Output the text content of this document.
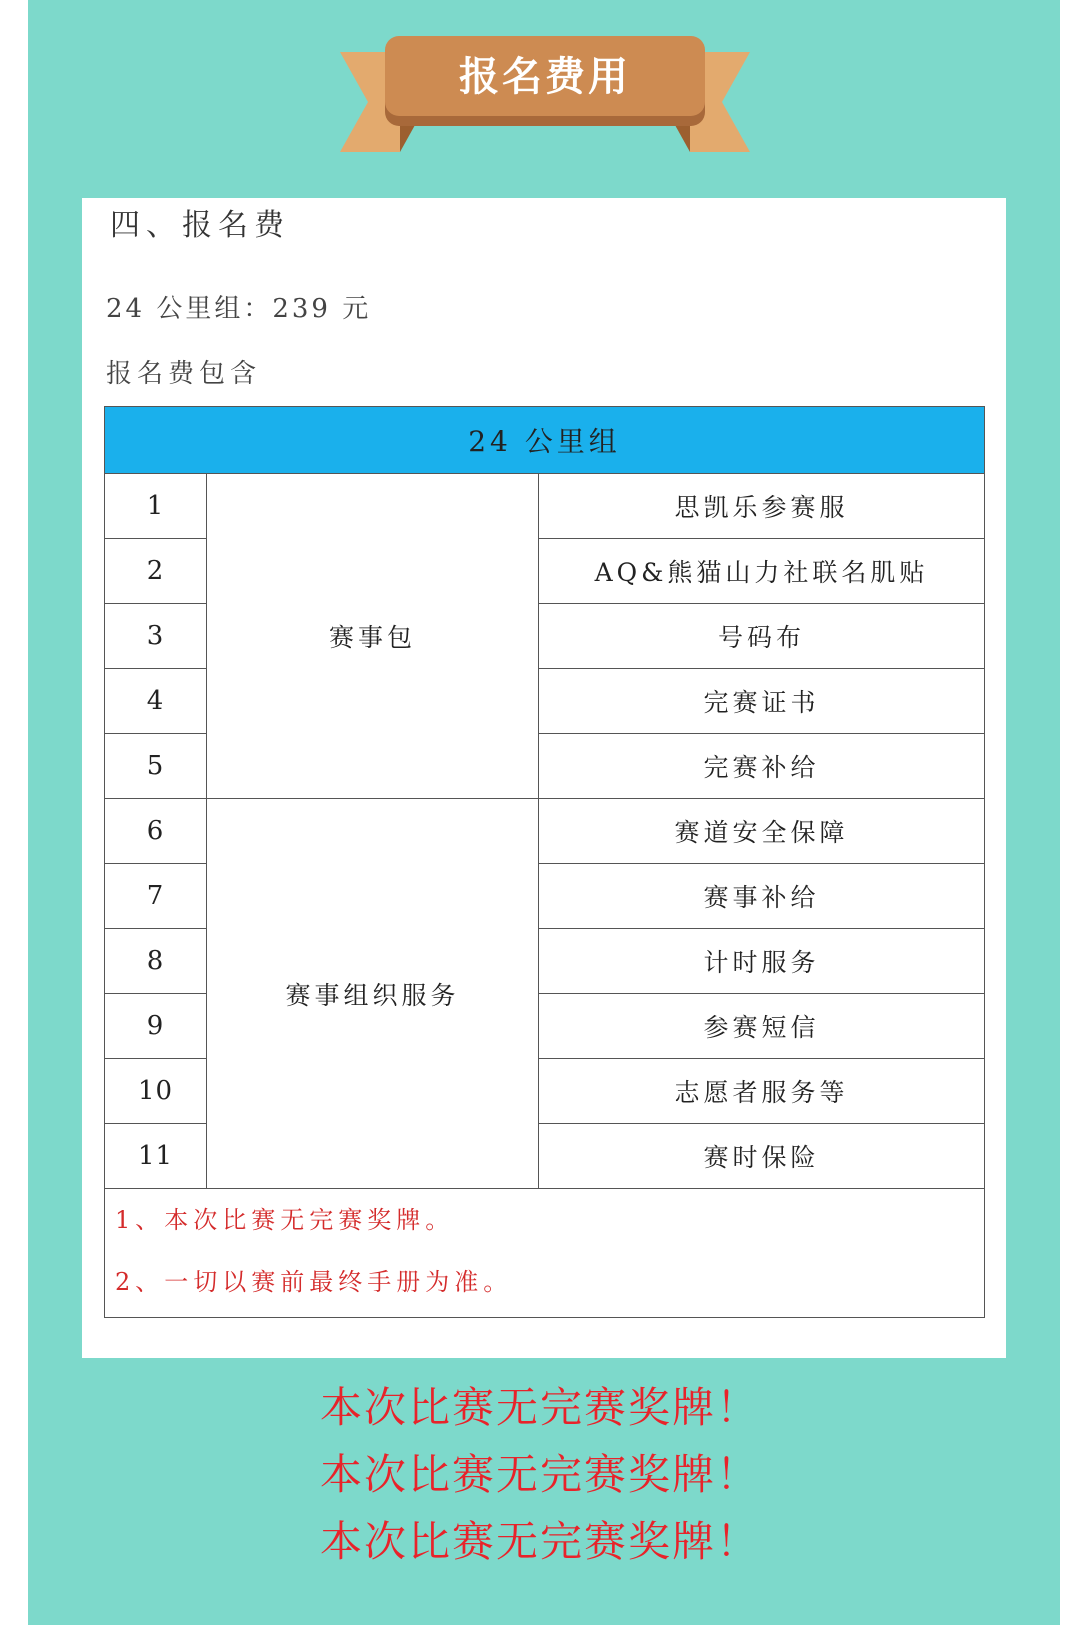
报名费用
四、报名费
24 公里组：239 元
报名费包含
24 公里组		
1	赛事包	思凯乐参赛服
2		AQ&熊猫山力社联名肌贴
3		号码布
4		完赛证书
5		完赛补给
6	赛事组织服务	赛道安全保障
7		赛事补给
8		计时服务
9		参赛短信
10		志愿者服务等
11		赛时保险

1、本次比赛无完赛奖牌。
2、一切以赛前最终手册为准。		
本次比赛无完赛奖牌！
本次比赛无完赛奖牌！
本次比赛无完赛奖牌！
